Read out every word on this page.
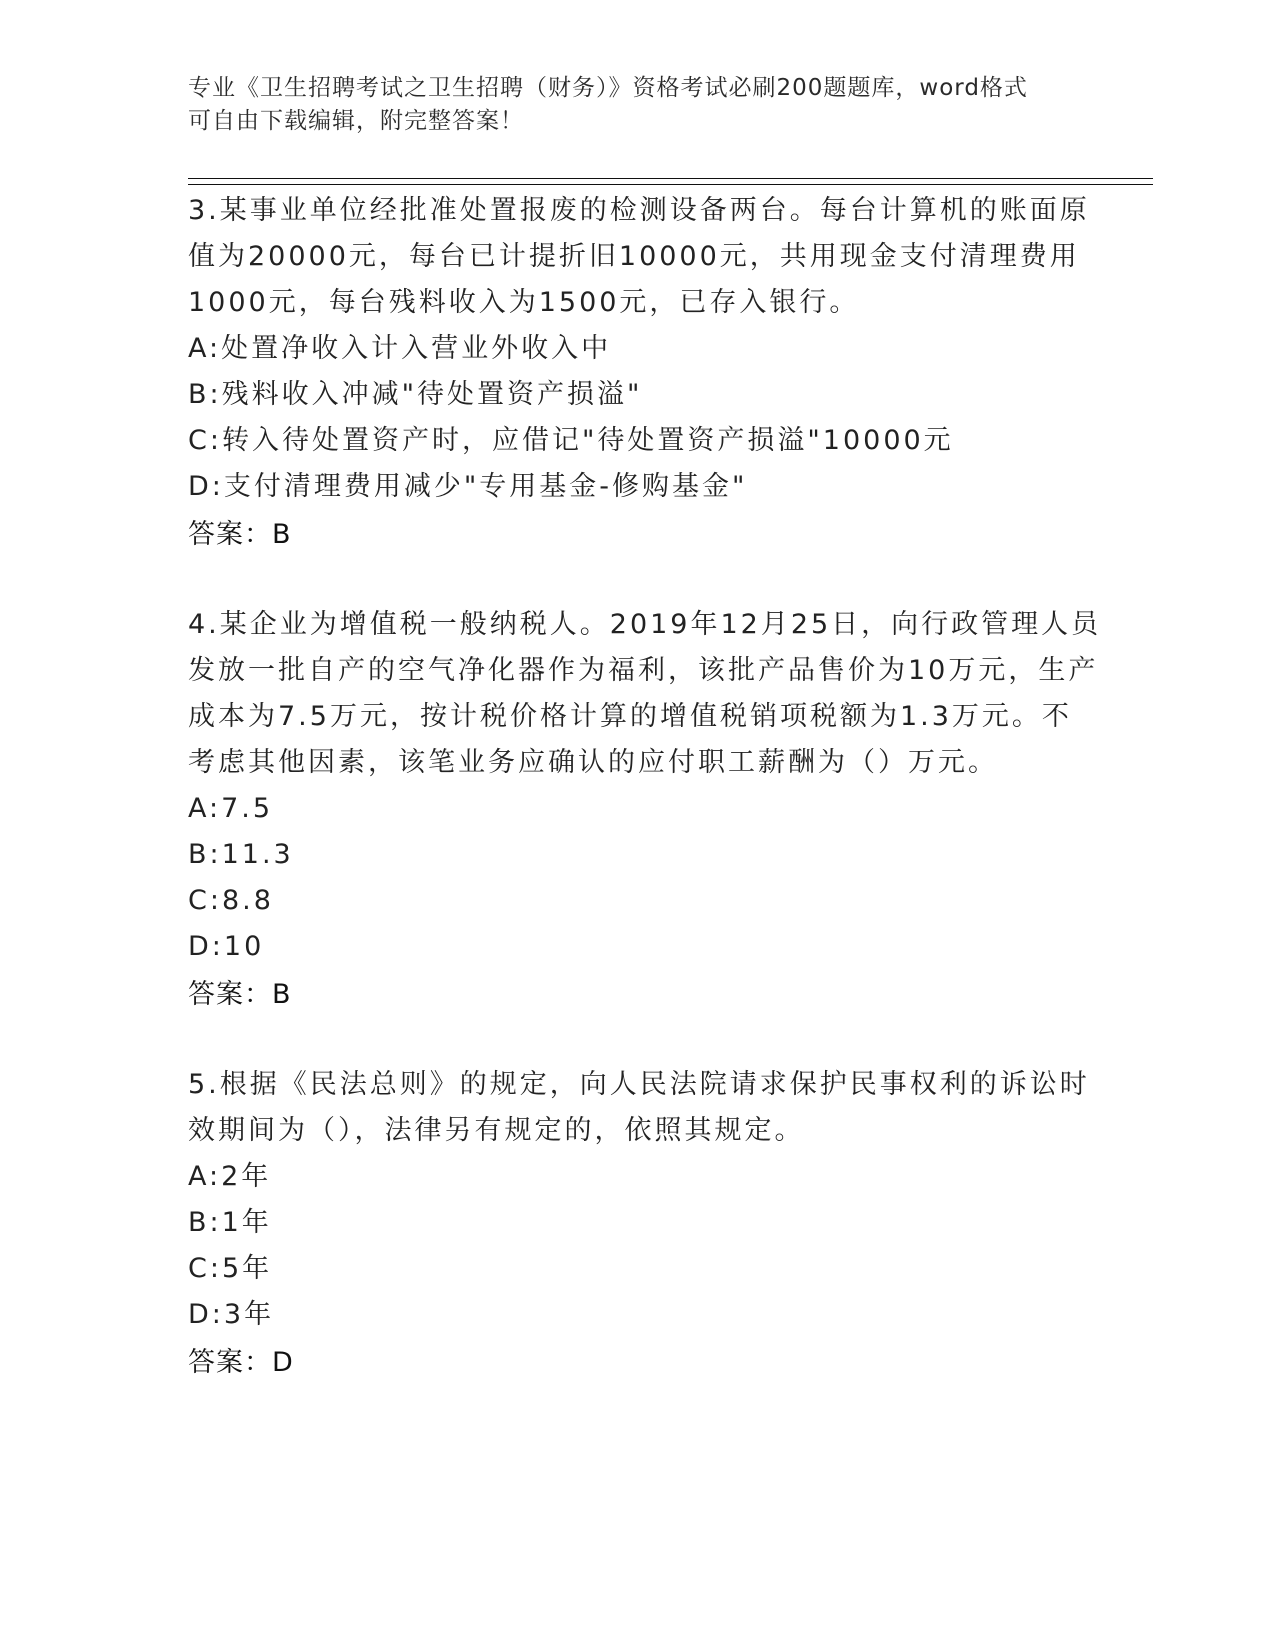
专业《卫生招聘考试之卫生招聘（财务）》资格考试必刷200题题库，word格式
可自由下载编辑，附完整答案！
3.某事业单位经批准处置报废的检测设备两台。每台计算机的账面原
值为20000元，每台已计提折旧10000元，共用现金支付清理费用
1000元，每台残料收入为1500元，已存入银行。
A:处置净收入计入营业外收入中
B:残料收入冲减"待处置资产损溢"
C:转入待处置资产时，应借记"待处置资产损溢"10000元
D:支付清理费用减少"专用基金-修购基金"
答案：B
4.某企业为增值税一般纳税人。2019年12月25日，向行政管理人员
发放一批自产的空气净化器作为福利，该批产品售价为10万元，生产
成本为7.5万元，按计税价格计算的增值税销项税额为1.3万元。不
考虑其他因素，该笔业务应确认的应付职工薪酬为（）万元。
A:7.5
B:11.3
C:8.8
D:10
答案：B
5.根据《民法总则》的规定，向人民法院请求保护民事权利的诉讼时
效期间为（），法律另有规定的，依照其规定。
A:2年
B:1年
C:5年
D:3年
答案：D
